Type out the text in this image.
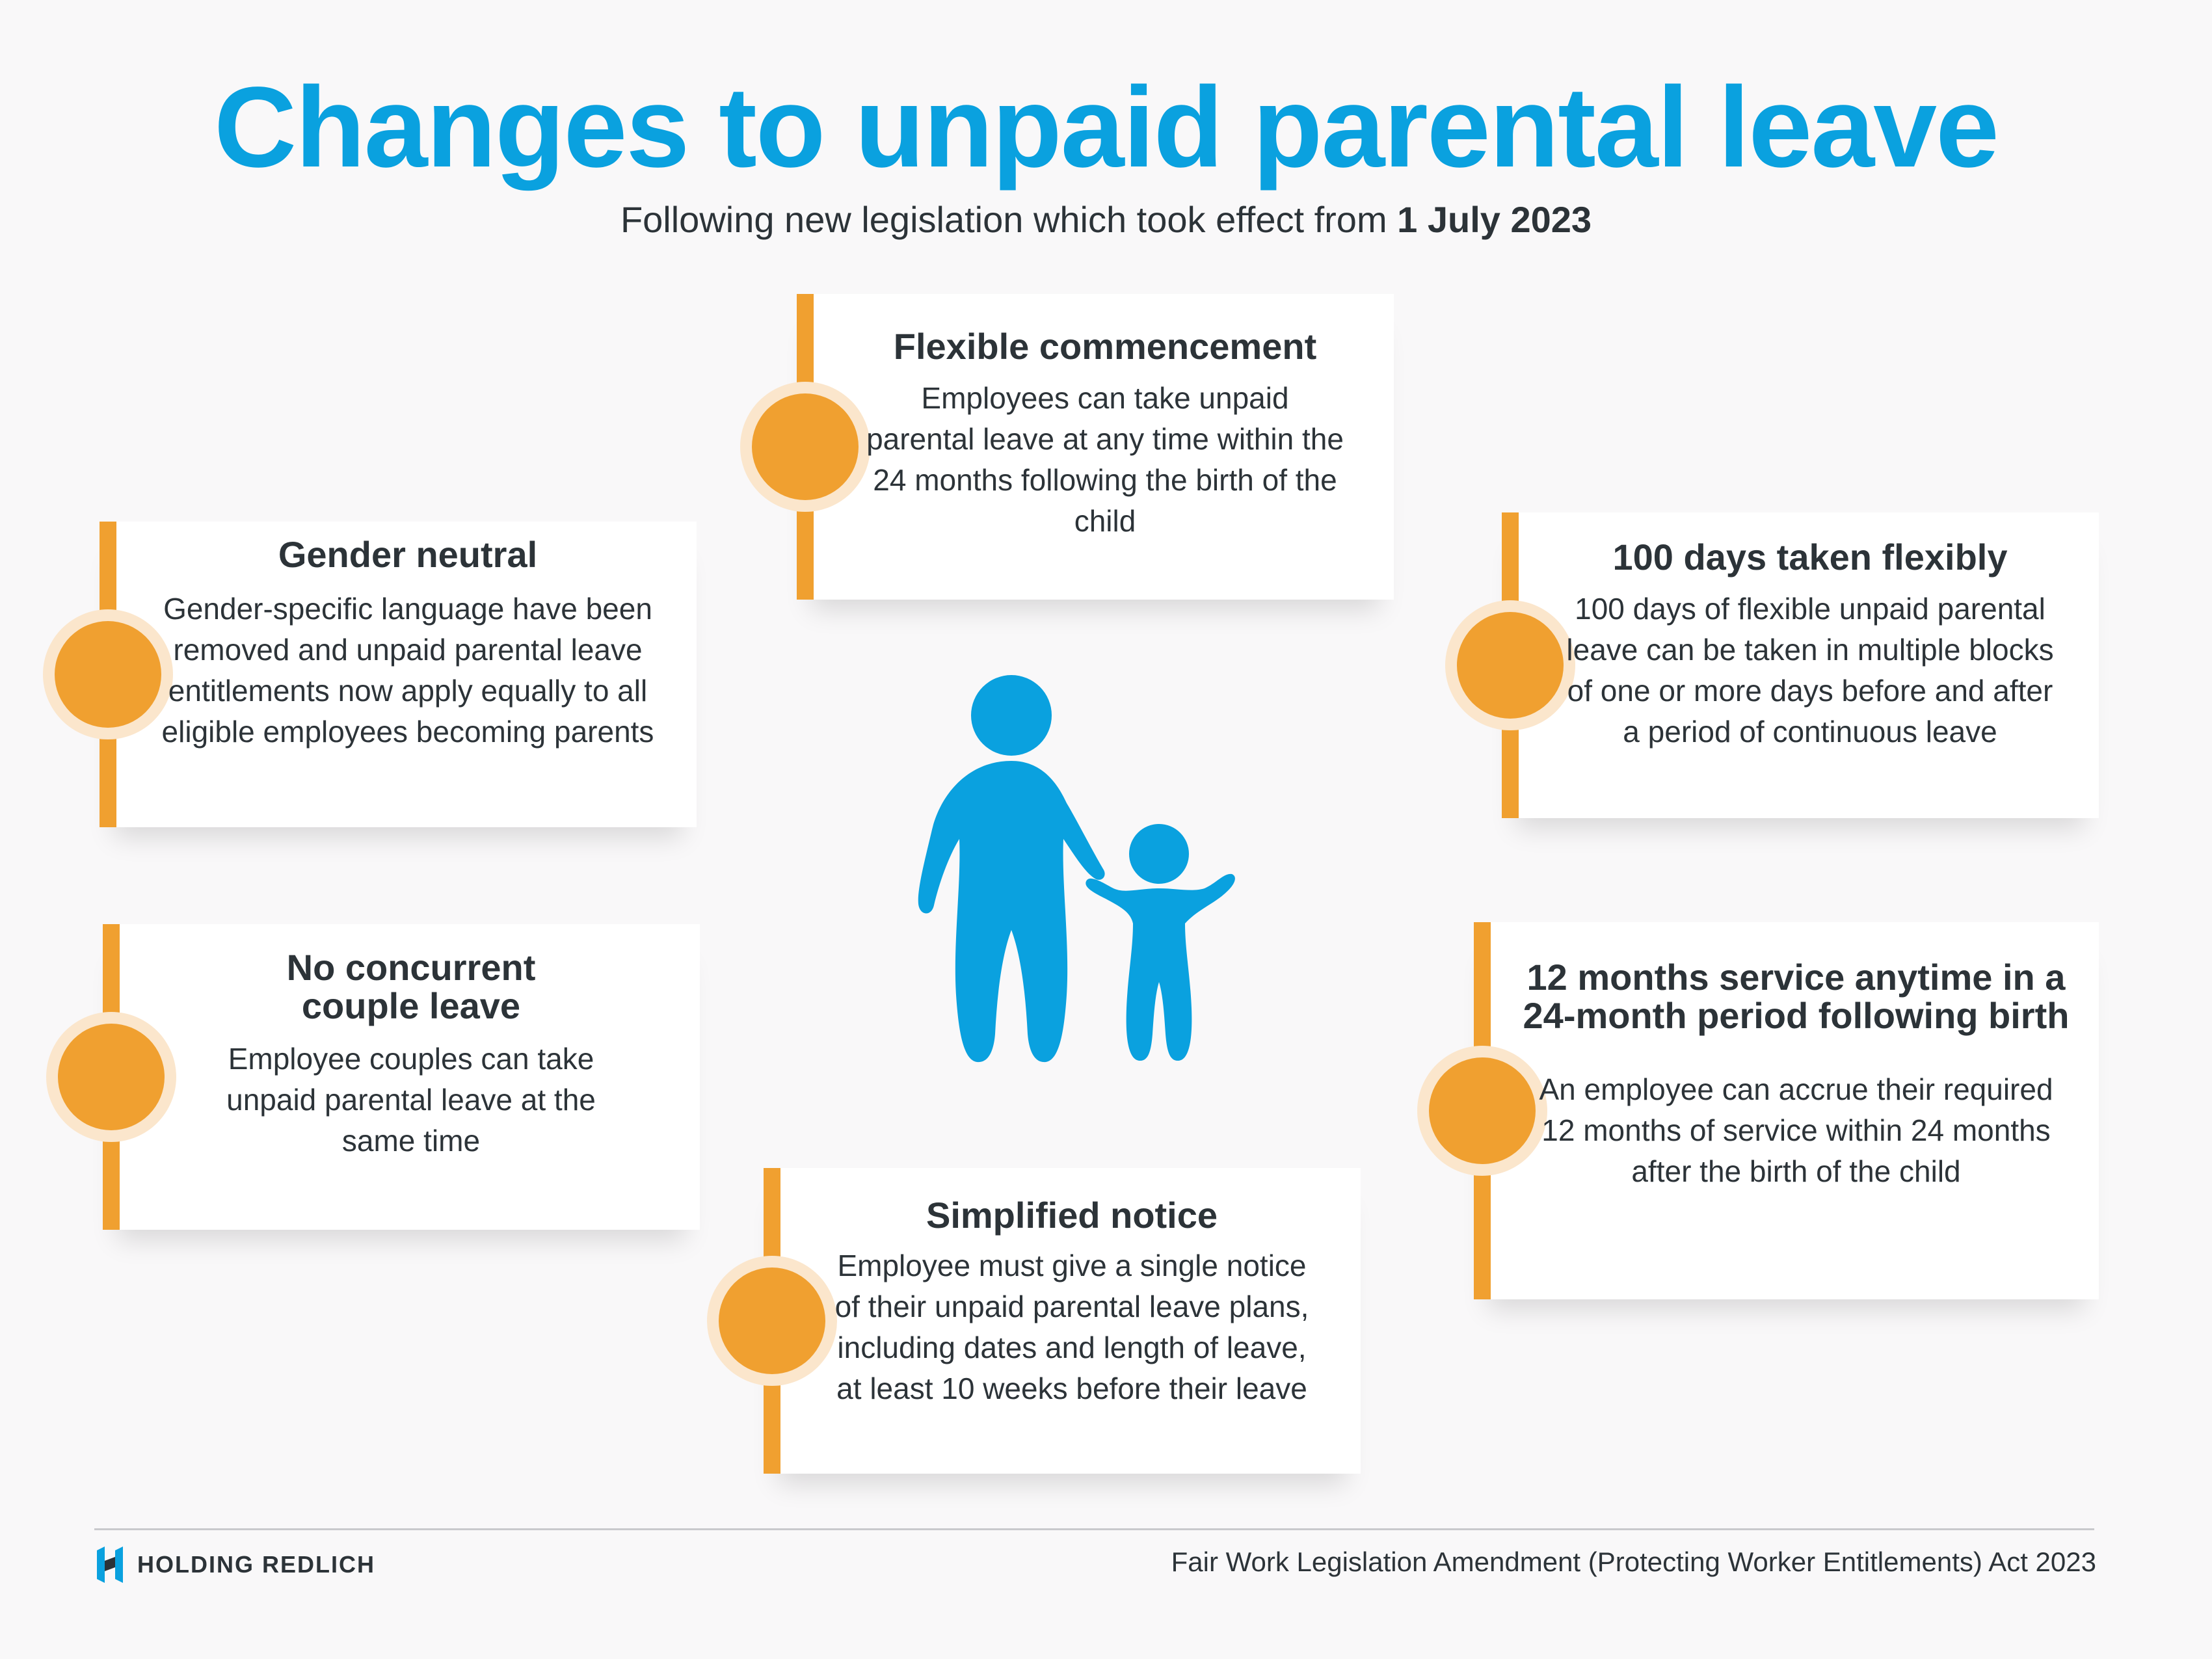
Changes to unpaid parental leave

Following new legislation which took effect from 1 July 2023

Flexible commencement

Employees can take unpaid parental leave at any time within the 24 months following the birth of the child

Gender neutral

Gender-specific language have been removed and unpaid parental leave entitlements now apply equally to all eligible employees becoming parents

100 days taken flexibly

100 days of flexible unpaid parental leave can be taken in multiple blocks of one or more days before and after a period of continuous leave

No concurrent couple leave

Employee couples can take unpaid parental leave at the same time

12 months service anytime in a 24-month period following birth

An employee can accrue their required 12 months of service within 24 months after the birth of the child

Simplified notice

Employee must give a single notice of their unpaid parental leave plans, including dates and length of leave, at least 10 weeks before their leave

HOLDING REDLICH	Fair Work Legislation Amendment (Protecting Worker Entitlements) Act 2023
